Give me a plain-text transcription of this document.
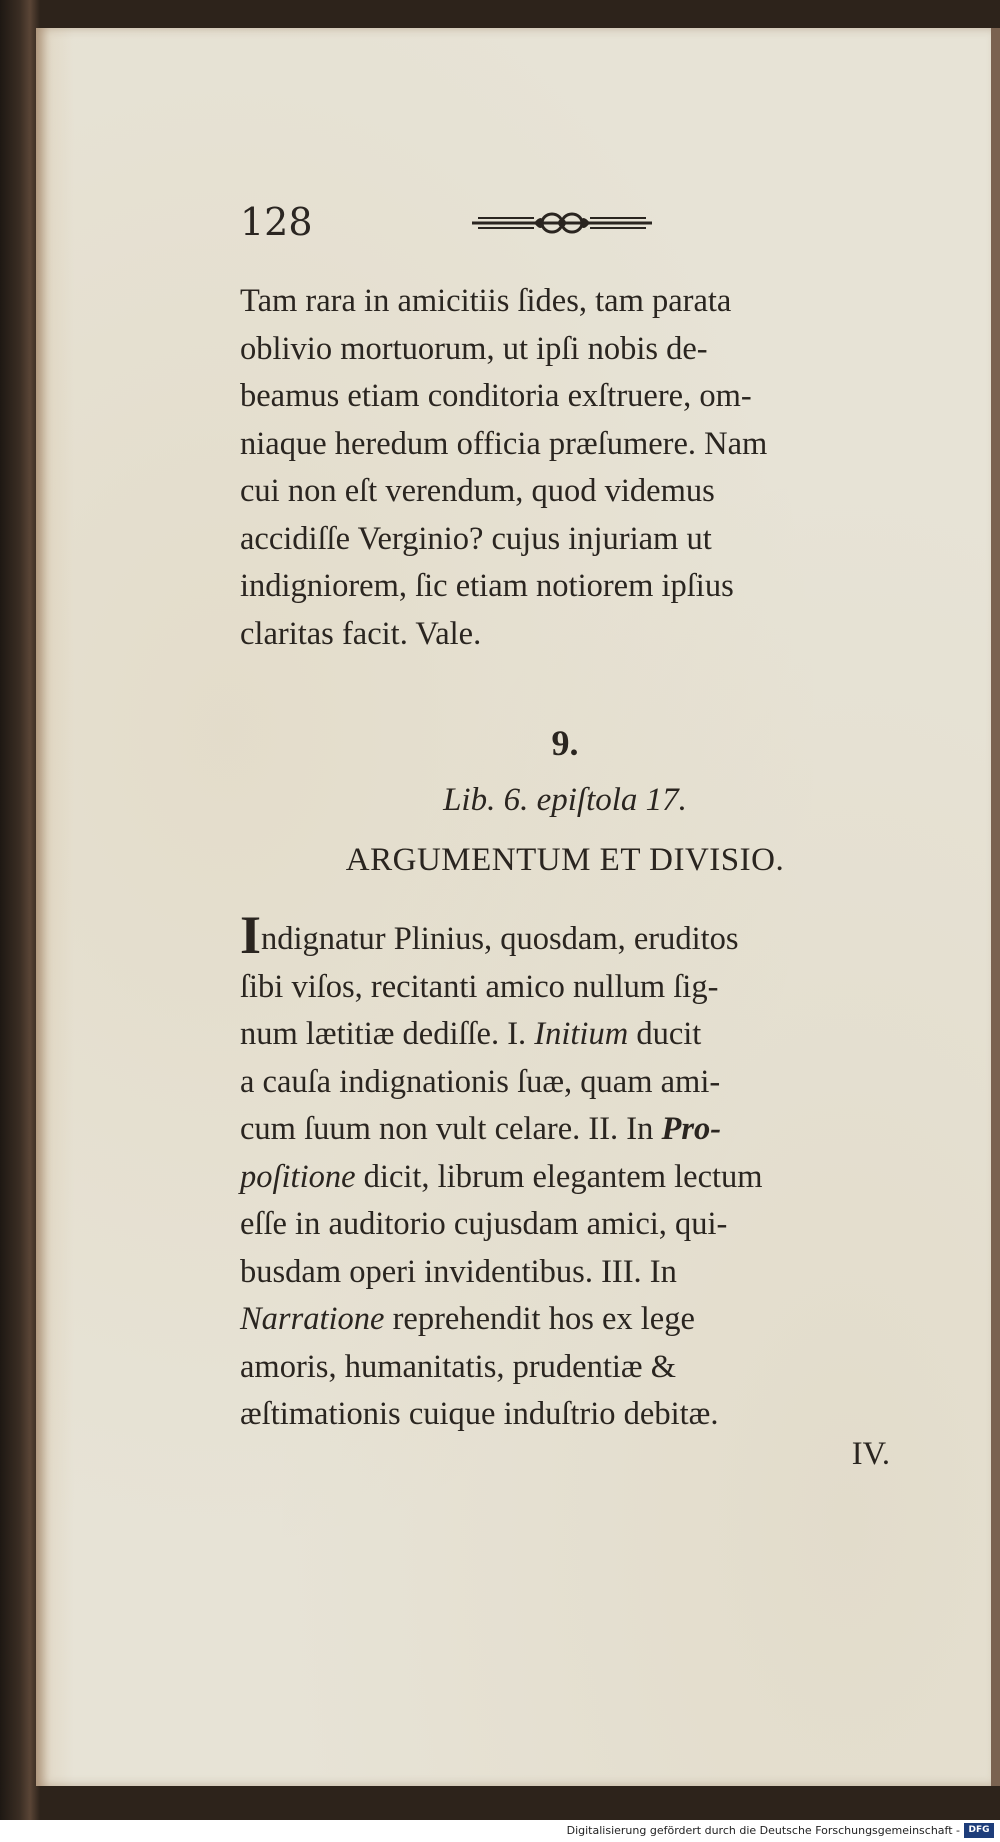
128

Tam rara in amicitiis ſides, tam parata

oblivio mortuorum, ut ipſi nobis de-

beamus etiam conditoria exſtruere, om-

niaque heredum officia præſumere. Nam

cui non eſt verendum, quod videmus

accidiſſe Verginio? cujus injuriam ut

indigniorem, ſic etiam notiorem ipſius

claritas facit. Vale.

9.
Lib. 6. epiſtola 17.
ARGUMENTUM ET DIVISIO.

Indignatur Plinius, quosdam, eruditos

ſibi viſos, recitanti amico nullum ſig-

num lætitiæ dediſſe. I. Initium ducit

a cauſa indignationis ſuæ, quam ami-

cum ſuum non vult celare. II. In Pro-

poſitione dicit, librum elegantem lectum

eſſe in auditorio cujusdam amici, qui-

busdam operi invidentibus. III. In

Narratione reprehendit hos ex lege

amoris, humanitatis, prudentiæ &

æſtimationis cuique induſtrio debitæ.

IV.
Digitalisierung gefördert durch die Deutsche Forschungsgemeinschaft - DFG
